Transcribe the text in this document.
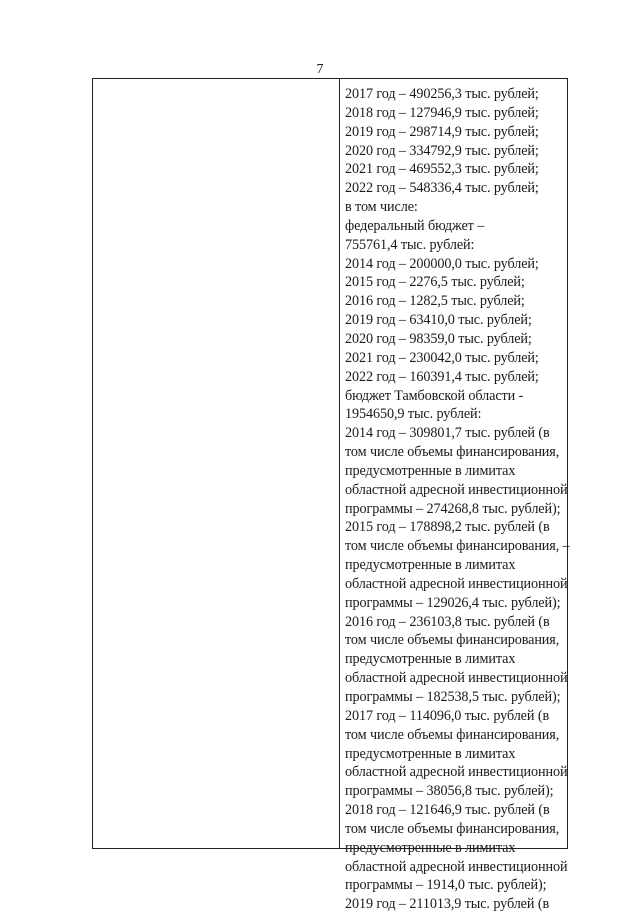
7
2017 год – 490256,3 тыс. рублей;
2018 год – 127946,9 тыс. рублей;
2019 год – 298714,9 тыс. рублей;
2020 год – 334792,9 тыс. рублей;
2021 год – 469552,3 тыс. рублей;
2022 год – 548336,4 тыс. рублей;
в том числе:
федеральный бюджет –
755761,4 тыс. рублей:
2014 год – 200000,0 тыс. рублей;
2015 год – 2276,5 тыс. рублей;
2016 год – 1282,5 тыс. рублей;
2019 год – 63410,0 тыс. рублей;
2020 год – 98359,0 тыс. рублей;
2021 год – 230042,0 тыс. рублей;
2022 год – 160391,4 тыс. рублей;
бюджет Тамбовской области -
1954650,9 тыс. рублей:
2014 год – 309801,7 тыс. рублей (в
том числе объемы финансирования,
предусмотренные в лимитах
областной адресной инвестиционной
программы – 274268,8 тыс. рублей);
2015 год – 178898,2 тыс. рублей (в
том числе объемы финансирования, –
предусмотренные в лимитах
областной адресной инвестиционной
программы – 129026,4 тыс. рублей);
2016 год – 236103,8 тыс. рублей (в
том числе объемы финансирования,
предусмотренные в лимитах
областной адресной инвестиционной
программы – 182538,5 тыс. рублей);
2017 год – 114096,0 тыс. рублей (в
том числе объемы финансирования,
предусмотренные в лимитах
областной адресной инвестиционной
программы – 38056,8 тыс. рублей);
2018 год – 121646,9 тыс. рублей (в
том числе объемы финансирования,
предусмотренные в лимитах
областной адресной инвестиционной
программы – 1914,0 тыс. рублей);
2019 год – 211013,9 тыс. рублей (в
